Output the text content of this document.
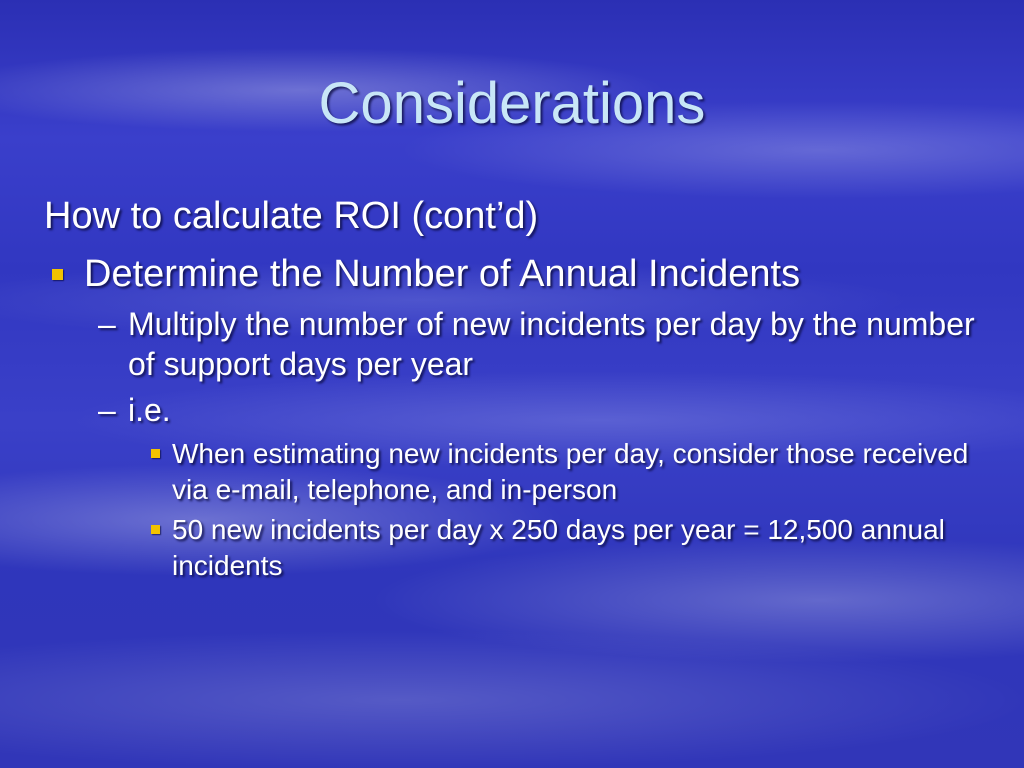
Considerations

How to calculate ROI (cont’d)

Determine the Number of Annual Incidents
– Multiply the number of new incidents per day by the number of support days per year
– i.e.
When estimating new incidents per day, consider those received via e-mail, telephone, and in-person
50 new incidents per day x 250 days per year = 12,500 annual incidents
